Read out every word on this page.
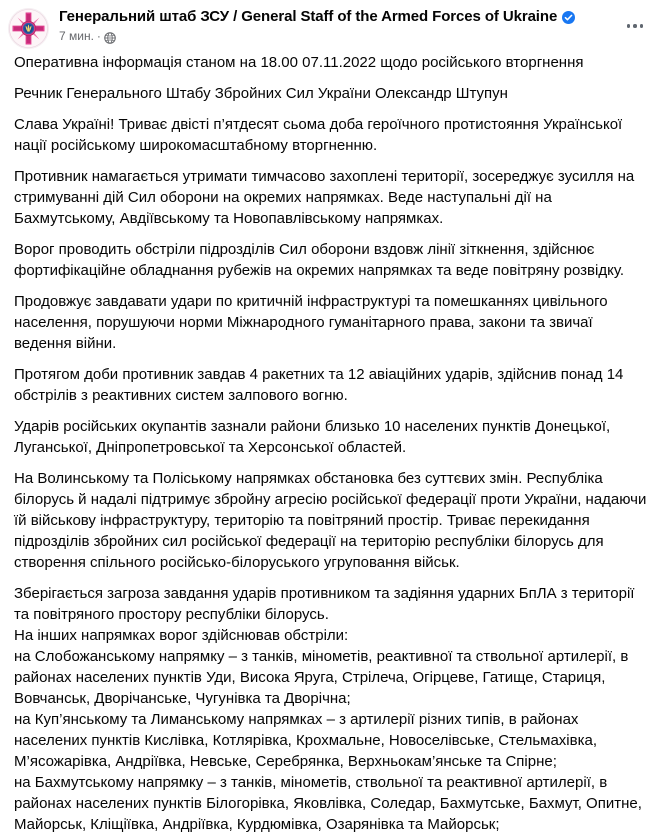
Генеральний штаб ЗСУ / General Staff of the Armed Forces of Ukraine
7 мин. ·

Оперативна інформація станом на 18.00 07.11.2022 щодо російського вторгнення

Речник Генерального Штабу Збройних Сил України Олександр Штупун

Слава Україні! Триває двісті п’ятдесят сьома доба героїчного протистояння Української нації російському широкомасштабному вторгненню.

Противник намагається утримати тимчасово захоплені території, зосереджує зусилля на стримуванні дій Сил оборони на окремих напрямках. Веде наступальні дії на Бахмутському, Авдіївському та Новопавлівському напрямках.

Ворог проводить обстріли підрозділів Сил оборони вздовж лінії зіткнення, здійснює фортифікаційне обладнання рубежів на окремих напрямках та веде повітряну розвідку.

Продовжує завдавати удари по критичній інфраструктурі та помешканнях цивільного населення, порушуючи норми Міжнародного гуманітарного права, закони та звичаї ведення війни.

Протягом доби противник завдав 4 ракетних та 12 авіаційних ударів, здійснив понад 14 обстрілів з реактивних систем залпового вогню.

Ударів російських окупантів зазнали райони близько 10 населених пунктів Донецької, Луганської, Дніпропетровської та Херсонської областей.

На Волинському та Поліському напрямках обстановка без суттєвих змін. Республіка білорусь й надалі підтримує збройну агресію російської федерації проти України, надаючи їй військову інфраструктуру, територію та повітряний простір. Триває перекидання підрозділів збройних сил російської федерації на територію республіки білорусь для створення спільного російсько-білоруського угруповання військ.

Зберігається загроза завдання ударів противником та задіяння ударних БпЛА з території та повітряного простору республіки білорусь.

На інших напрямках ворог здійснював обстріли:

на Слобожанському напрямку – з танків, мінометів, реактивної та ствольної артилерії, в районах населених пунктів Уди, Висока Яруга, Стрілеча, Огірцеве, Гатище, Стариця, Вовчанськ, Дворічанське, Чугунівка та Дворічна;

на Куп’янському та Лиманському напрямках – з артилерії різних типів, в районах населених пунктів Кислівка, Котлярівка, Крохмальне, Новоселівське, Стельмахівка, М’ясожарівка, Андріївка, Невське, Серебрянка, Верхньокам’янське та Спірне;

на Бахмутському напрямку – з танків, мінометів, ствольної та реактивної артилерії, в районах населених пунктів Білогорівка, Яковлівка, Соледар, Бахмутське, Бахмут, Опитне, Майорськ, Кліщіївка, Андріївка, Курдюмівка, Озарянівка та Майорськ;
